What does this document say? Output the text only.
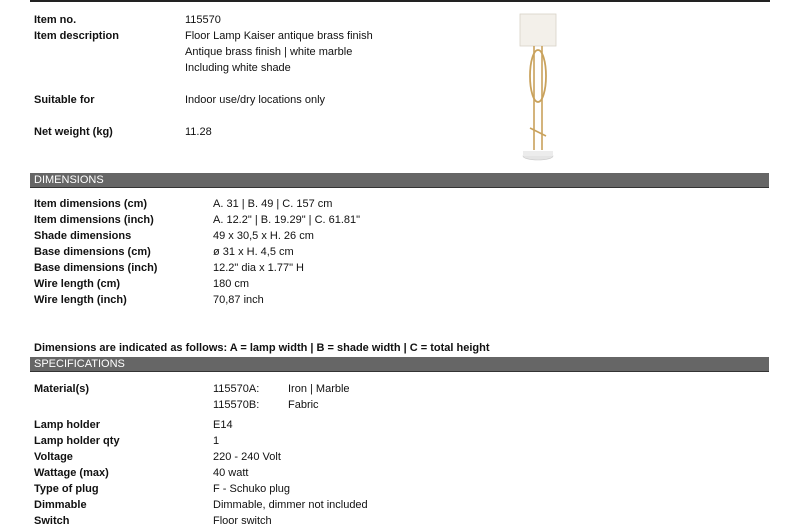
Item no.	115570
Item description	Floor Lamp Kaiser antique brass finish
Antique brass finish | white marble
Including white shade
Suitable for	Indoor use/dry locations only
Net weight (kg)	11.28
DIMENSIONS
Item dimensions (cm)	A. 31 | B. 49 | C. 157 cm
Item dimensions (inch)	A. 12.2" | B. 19.29" | C. 61.81"
Shade dimensions	49 x 30,5 x H. 26 cm
Base dimensions (cm)	ø 31 x H. 4,5 cm
Base dimensions (inch)	12.2" dia x 1.77" H
Wire length (cm)	180 cm
Wire length (inch)	70,87 inch
Dimensions are indicated as follows: A = lamp width | B = shade width | C = total height
SPECIFICATIONS
Material(s)	115570A:	Iron | Marble
115570B:	Fabric
Lamp holder	E14
Lamp holder qty	1
Voltage	220 - 240 Volt
Wattage (max)	40 watt
Type of plug	F - Schuko plug
Dimmable	Dimmable, dimmer not included
Switch	Floor switch
